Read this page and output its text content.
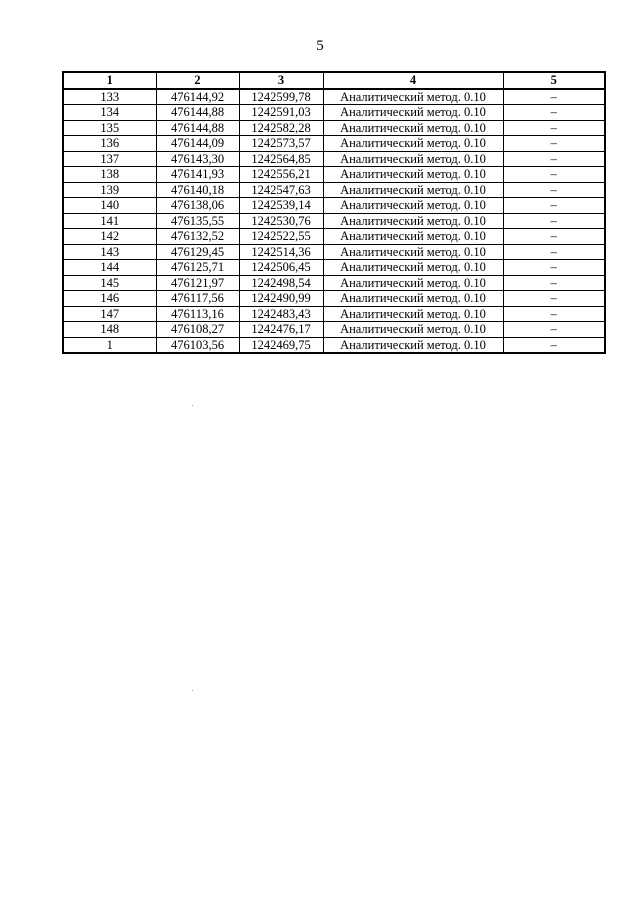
5
1	2	3	4	5
133	476144,92	1242599,78	Аналитический метод. 0.10	–
134	476144,88	1242591,03	Аналитический метод. 0.10	–
135	476144,88	1242582,28	Аналитический метод. 0.10	–
136	476144,09	1242573,57	Аналитический метод. 0.10	–
137	476143,30	1242564,85	Аналитический метод. 0.10	–
138	476141,93	1242556,21	Аналитический метод. 0.10	–
139	476140,18	1242547,63	Аналитический метод. 0.10	–
140	476138,06	1242539,14	Аналитический метод. 0.10	–
141	476135,55	1242530,76	Аналитический метод. 0.10	–
142	476132,52	1242522,55	Аналитический метод. 0.10	–
143	476129,45	1242514,36	Аналитический метод. 0.10	–
144	476125,71	1242506,45	Аналитический метод. 0.10	–
145	476121,97	1242498,54	Аналитический метод. 0.10	–
146	476117,56	1242490,99	Аналитический метод. 0.10	–
147	476113,16	1242483,43	Аналитический метод. 0.10	–
148	476108,27	1242476,17	Аналитический метод. 0.10	–
1	476103,56	1242469,75	Аналитический метод. 0.10	–
